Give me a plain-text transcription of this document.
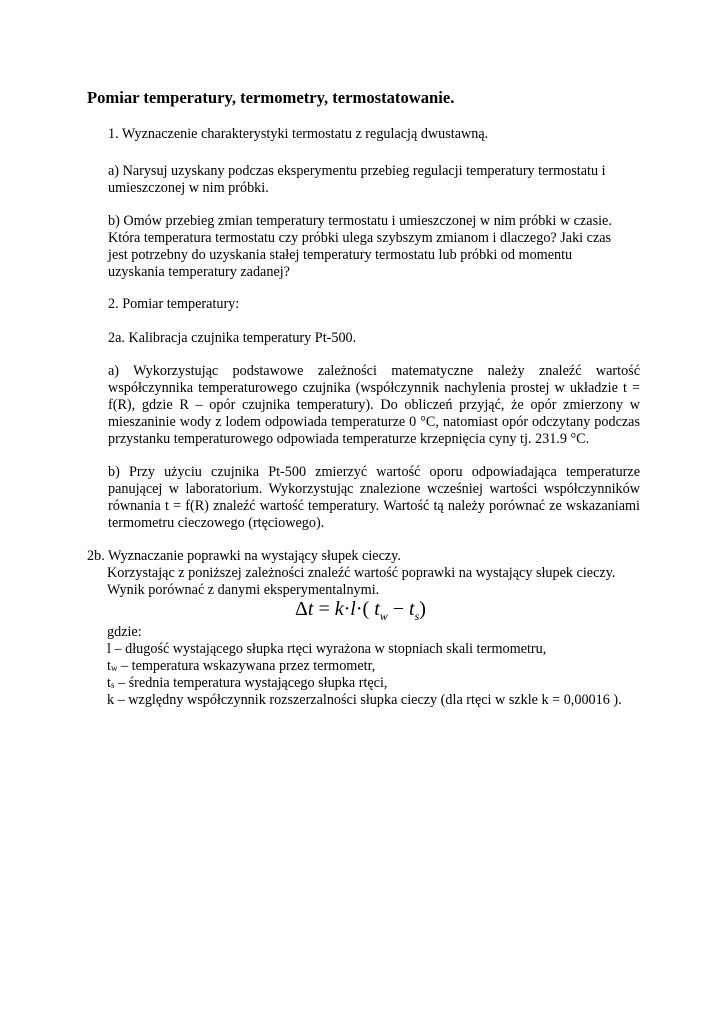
Pomiar temperatury, termometry, termostatowanie.
1. Wyznaczenie charakterystyki termostatu z regulacją dwustawną.
a) Narysuj uzyskany podczas eksperymentu przebieg regulacji temperatury termostatu i
umieszczonej w nim próbki.
b) Omów przebieg zmian temperatury termostatu i umieszczonej w nim próbki w czasie.
Która temperatura termostatu czy próbki ulega szybszym zmianom i dlaczego? Jaki czas
jest potrzebny do uzyskania stałej temperatury termostatu lub próbki od momentu
uzyskania temperatury zadanej?
2. Pomiar temperatury:
2a. Kalibracja czujnika temperatury Pt-500.
a) Wykorzystując podstawowe zależności matematyczne należy znaleźć wartość współczynnika temperaturowego czujnika (współczynnik nachylenia prostej w układzie t = f(R), gdzie R – opór czujnika temperatury). Do obliczeń przyjąć, że opór zmierzony w mieszaninie wody z lodem odpowiada temperaturze 0 °C, natomiast opór odczytany podczas przystanku temperaturowego odpowiada temperaturze krzepnięcia cyny tj. 231.9 °C.
b) Przy użyciu czujnika Pt-500 zmierzyć wartość oporu odpowiadająca temperaturze panującej w laboratorium. Wykorzystując znalezione wcześniej wartości współczynników równania t = f(R) znaleźć wartość temperatury. Wartość tą należy porównać ze wskazaniami termometru cieczowego (rtęciowego).
2b. Wyznaczanie poprawki na wystający słupek cieczy.
Korzystając z poniższej zależności znaleźć wartość poprawki na wystający słupek cieczy.
Wynik porównać z danymi eksperymentalnymi.
Δt = k·l·( $t_w - t_s$)
gdzie:
l – długość wystającego słupka rtęci wyrażona w stopniach skali termometru,
tw – temperatura wskazywana przez termometr,
ts – średnia temperatura wystającego słupka rtęci,
k – względny współczynnik rozszerzalności słupka cieczy (dla rtęci w szkle k = 0,00016 ).
